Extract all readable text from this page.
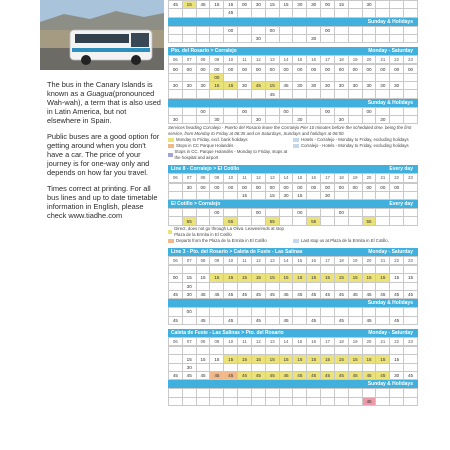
The bus in the Canary Islands is known as a Guagua(pronounced Wah-wah), a term that is also used in Latin America, but not elsewhere in Spain.

Public buses are a good option for getting around when you don't have a car. The price of your journey is for one-way only and depends on how far you travel.

Times correct at printing. For all bus lines and up to date timetable information in English, please check www.tiadhe.com

45	15	45	15	15	00	30	15	15	30	30	00	15		30			
				45													
Sunday & Holidays
				00			00				00						
						30				30							
Pto. del Rosario > Corralejo	Monday - Saturday
06	07	08	09	10	11	12	13	14	15	16	17	18	19	20	21	22	23
00	00	00	00	00	00	00	00	00	00	00	00	00	00	00	00	00	00
			00														
30	30	30	15	15	30	45	15	45	30	30	30	30	30	30	30	30	
							45										
Sunday & Holidays
		00			00			00			00			00			
30			30			30			30			30			30		
Services heading Corralejo - Puerto del Rosario leave the Corralejo Pier 10 minutes before the scheduled time. being the first service, from Monday to Friday at 06:35 and on Saturdays, Sundays and holidays at 06:50.
Monday to Friday, excl. bank holidays	Hotels - Corralejo - Monday to Friday, excluding holidays
Stops in CC Parque Holandés	Corralejo - Hotels - Monday to Friday, excluding holidays
Stops in CC. Parque Holandés - Monday to Friday. stops at the hospital and airport
Line 8 - Corralejo > El Cotillo	Every day
06	07	08	09	10	11	12	13	14	15	16	17	18	19	20	21	22	23
	30	00	00	00	00	00	00	00	00	00	00	00	00	00	00	00	
					15		15	30	15		30						
El Cotillo > Corralejo	Every day
			00			00			00			00					
	55			55			55			55				55			
Direct, does not go through La Oliva. Leaves/ends at stop Plaza de la Ermita in El Cotillo
Departs from the Plaza de la Ermita in El Cotillo	Last stop us at Plaza de la Ermita in El Cotillo.
Line 3 - Pto. del Rosario > Caleta de Fuste - Las Salinas	Monday - Saturday
06	07	08	09	10	11	12	13	14	15	16	17	18	19	20	21	22	23

00	15	15	15	15	15	15	15	15	15	15	15	15	15	15	15	15	15
	30																
45	30	45	45	45	45	45	45	45	45	45	45	45	45	45	45	45	45
Sunday & Holidays
	00																
45		45		45		45		45		45		45		45		45	
Caleta de Fuste - Las Salinas > Pto. del Rosario	Monday - Saturday
06	07	08	09	10	11	12	13	14	15	16	17	18	19	20	21	22	23

	15	15	15	15	15	15	15	15	15	15	15	15	15	15	15	15	
	30																
45	45	45	45	45	45	45	45	45	45	45	45	45	45	45	45	30	45
Sunday & Holidays

														45			
